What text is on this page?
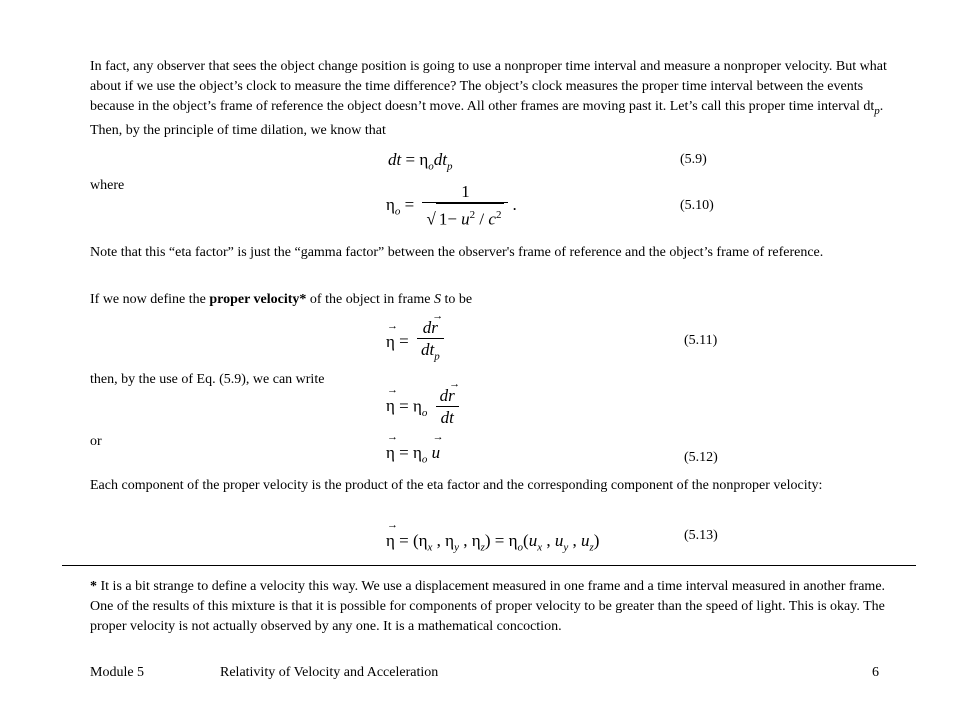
In fact, any observer that sees the object change position is going to use a nonproper time interval and measure a nonproper velocity. But what about if we use the object’s clock to measure the time difference? The object’s clock measures the proper time interval between the events because in the object’s frame of reference the object doesn’t move. All other frames are moving past it. Let’s call this proper time interval $dt_p$. Then, by the principle of time dilation, we know that
dt = $\eta_odt_p$	(5.9)
where
$\eta_o = \frac{1}{√ 1- u^2 / c^2}$ .	(5.10)
Note that this “eta factor” is just the “gamma factor” between the observer's frame of reference and the object’s frame of reference.
If we now define the proper velocity* of the object in frame S to be
→ $\eta = \frac{d\to r}{dt_p}$	(5.11)
then, by the use of Eq. (5.9), we can write
→ $\eta = \eta_o \frac{d\to r}{dt}$
or
→ $\eta = \eta_o \to u$	(5.12)
Each component of the proper velocity is the product of the eta factor and the corresponding component of the nonproper velocity:
→ $\eta = (\eta_x$ , $\eta_y$ , $\eta_z) = \eta_o(u_x$ , $u_y$ , $u_z$)	(5.13)
* It is a bit strange to define a velocity this way. We use a displacement measured in one frame and a time interval measured in another frame. One of the results of this mixture is that it is possible for components of proper velocity to be greater than the speed of light. This is okay. The proper velocity is not actually observed by any one. It is a mathematical concoction.
Module 5	Relativity of Velocity and Acceleration	6
